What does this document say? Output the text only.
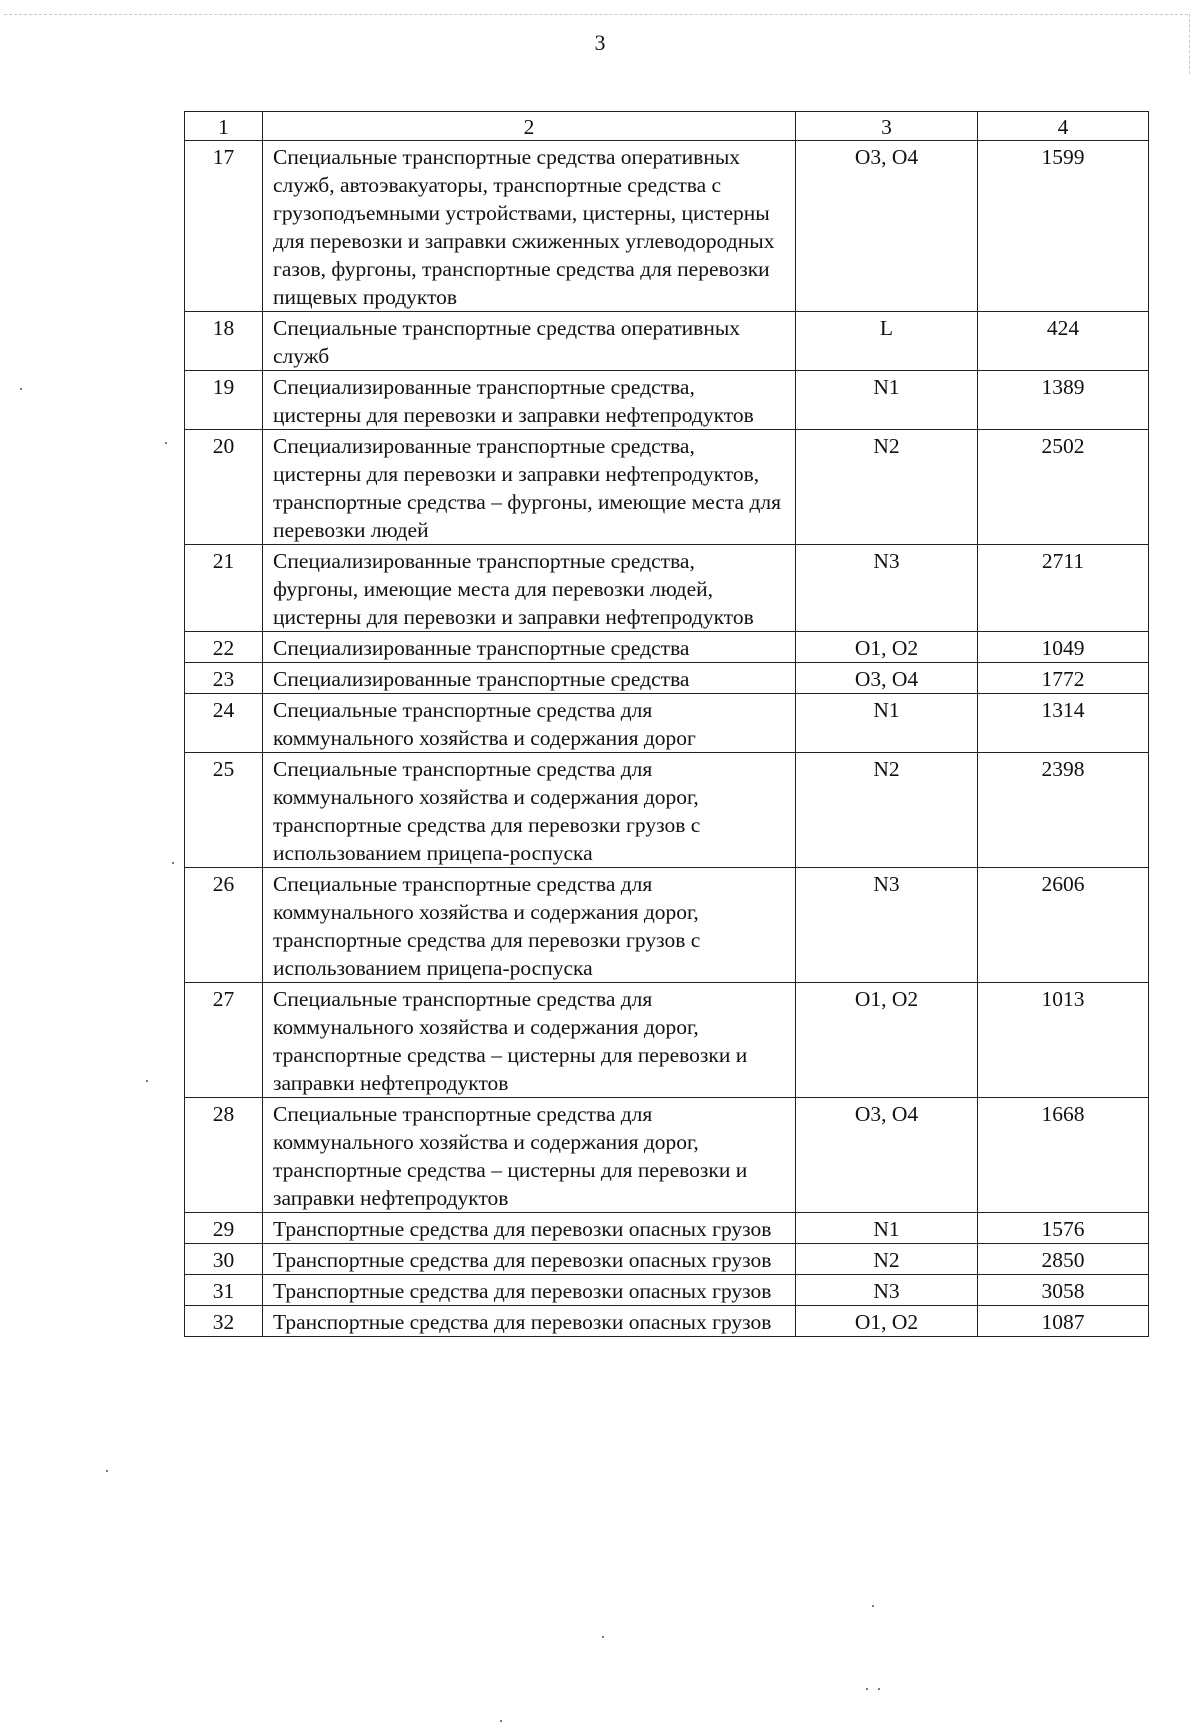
3
1	2	3	4
17	Специальные транспортные средства оперативных служб, автоэвакуаторы, транспортные средства с грузоподъемными устройствами, цистерны, цистерны для перевозки и заправки сжиженных углеводородных газов, фургоны, транспортные средства для перевозки пищевых продуктов	О3, О4	1599
18	Специальные транспортные средства оперативных служб	L	424
19	Специализированные транспортные средства, цистерны для перевозки и заправки нефтепродуктов	N1	1389
20	Специализированные транспортные средства, цистерны для перевозки и заправки нефтепродуктов, транспортные средства – фургоны, имеющие места для перевозки людей	N2	2502
21	Специализированные транспортные средства, фургоны, имеющие места для перевозки людей, цистерны для перевозки и заправки нефтепродуктов	N3	2711
22	Специализированные транспортные средства	О1, О2	1049
23	Специализированные транспортные средства	О3, О4	1772
24	Специальные транспортные средства для коммунального хозяйства и содержания дорог	N1	1314
25	Специальные транспортные средства для коммунального хозяйства и содержания дорог, транспортные средства для перевозки грузов с использованием прицепа-роспуска	N2	2398
26	Специальные транспортные средства для коммунального хозяйства и содержания дорог, транспортные средства для перевозки грузов с использованием прицепа-роспуска	N3	2606
27	Специальные транспортные средства для коммунального хозяйства и содержания дорог, транспортные средства – цистерны для перевозки и заправки нефтепродуктов	О1, О2	1013
28	Специальные транспортные средства для коммунального хозяйства и содержания дорог, транспортные средства – цистерны для перевозки и заправки нефтепродуктов	О3, О4	1668
29	Транспортные средства для перевозки опасных грузов	N1	1576
30	Транспортные средства для перевозки опасных грузов	N2	2850
31	Транспортные средства для перевозки опасных грузов	N3	3058
32	Транспортные средства для перевозки опасных грузов	О1, О2	1087
